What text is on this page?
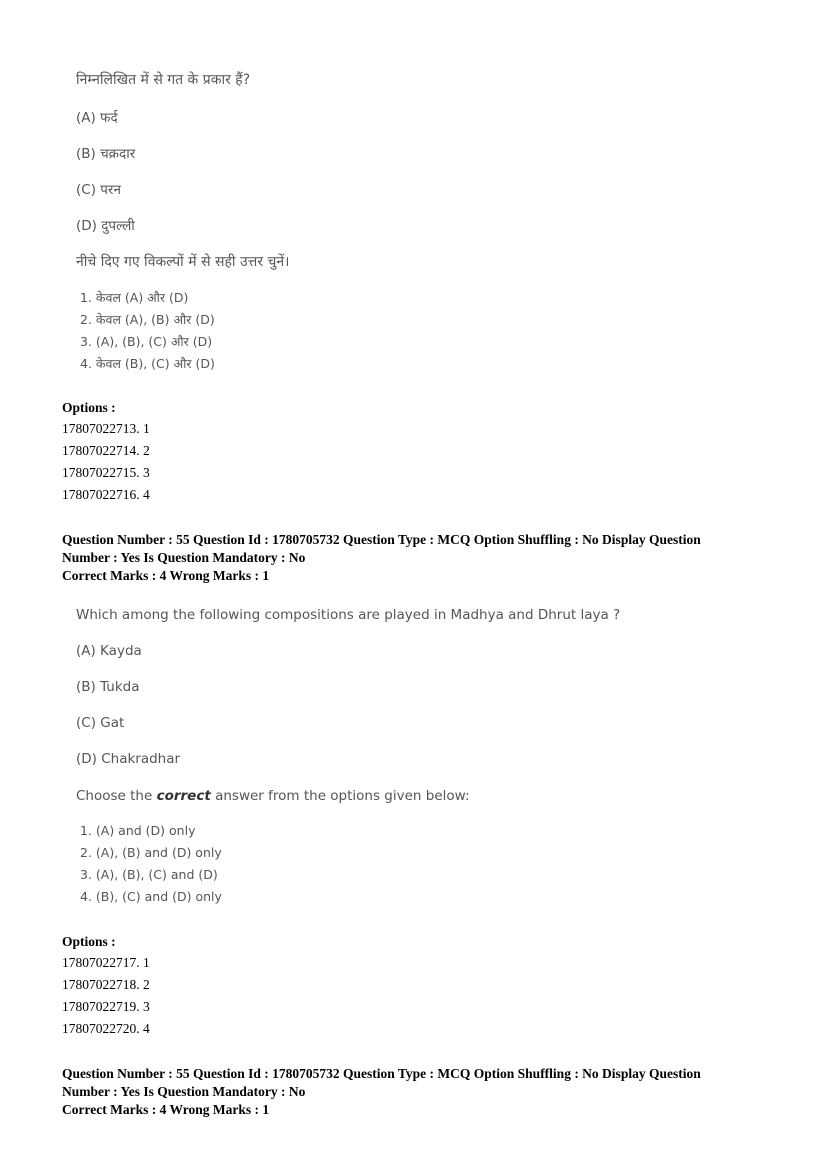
निम्नलिखित में से गत के प्रकार हैं?
(A) फर्द
(B) चक्रदार
(C) परन
(D) दुपल्ली
नीचे दिए गए विकल्पों में से सही उत्तर चुनें।
1. केवल (A) और (D)
2. केवल (A), (B) और (D)
3. (A), (B), (C) और (D)
4. केवल (B), (C) और (D)
Options :
17807022713. 1
17807022714. 2
17807022715. 3
17807022716. 4
Question Number : 55 Question Id : 1780705732 Question Type : MCQ Option Shuffling : No Display Question
Number : Yes Is Question Mandatory : No
Correct Marks : 4 Wrong Marks : 1
Which among the following compositions are played in Madhya and Dhrut laya ?
(A) Kayda
(B) Tukda
(C) Gat
(D) Chakradhar
Choose the correct answer from the options given below:
1. (A) and (D) only
2. (A), (B) and (D) only
3. (A), (B), (C) and (D)
4. (B), (C) and (D) only
Options :
17807022717. 1
17807022718. 2
17807022719. 3
17807022720. 4
Question Number : 55 Question Id : 1780705732 Question Type : MCQ Option Shuffling : No Display Question
Number : Yes Is Question Mandatory : No
Correct Marks : 4 Wrong Marks : 1
